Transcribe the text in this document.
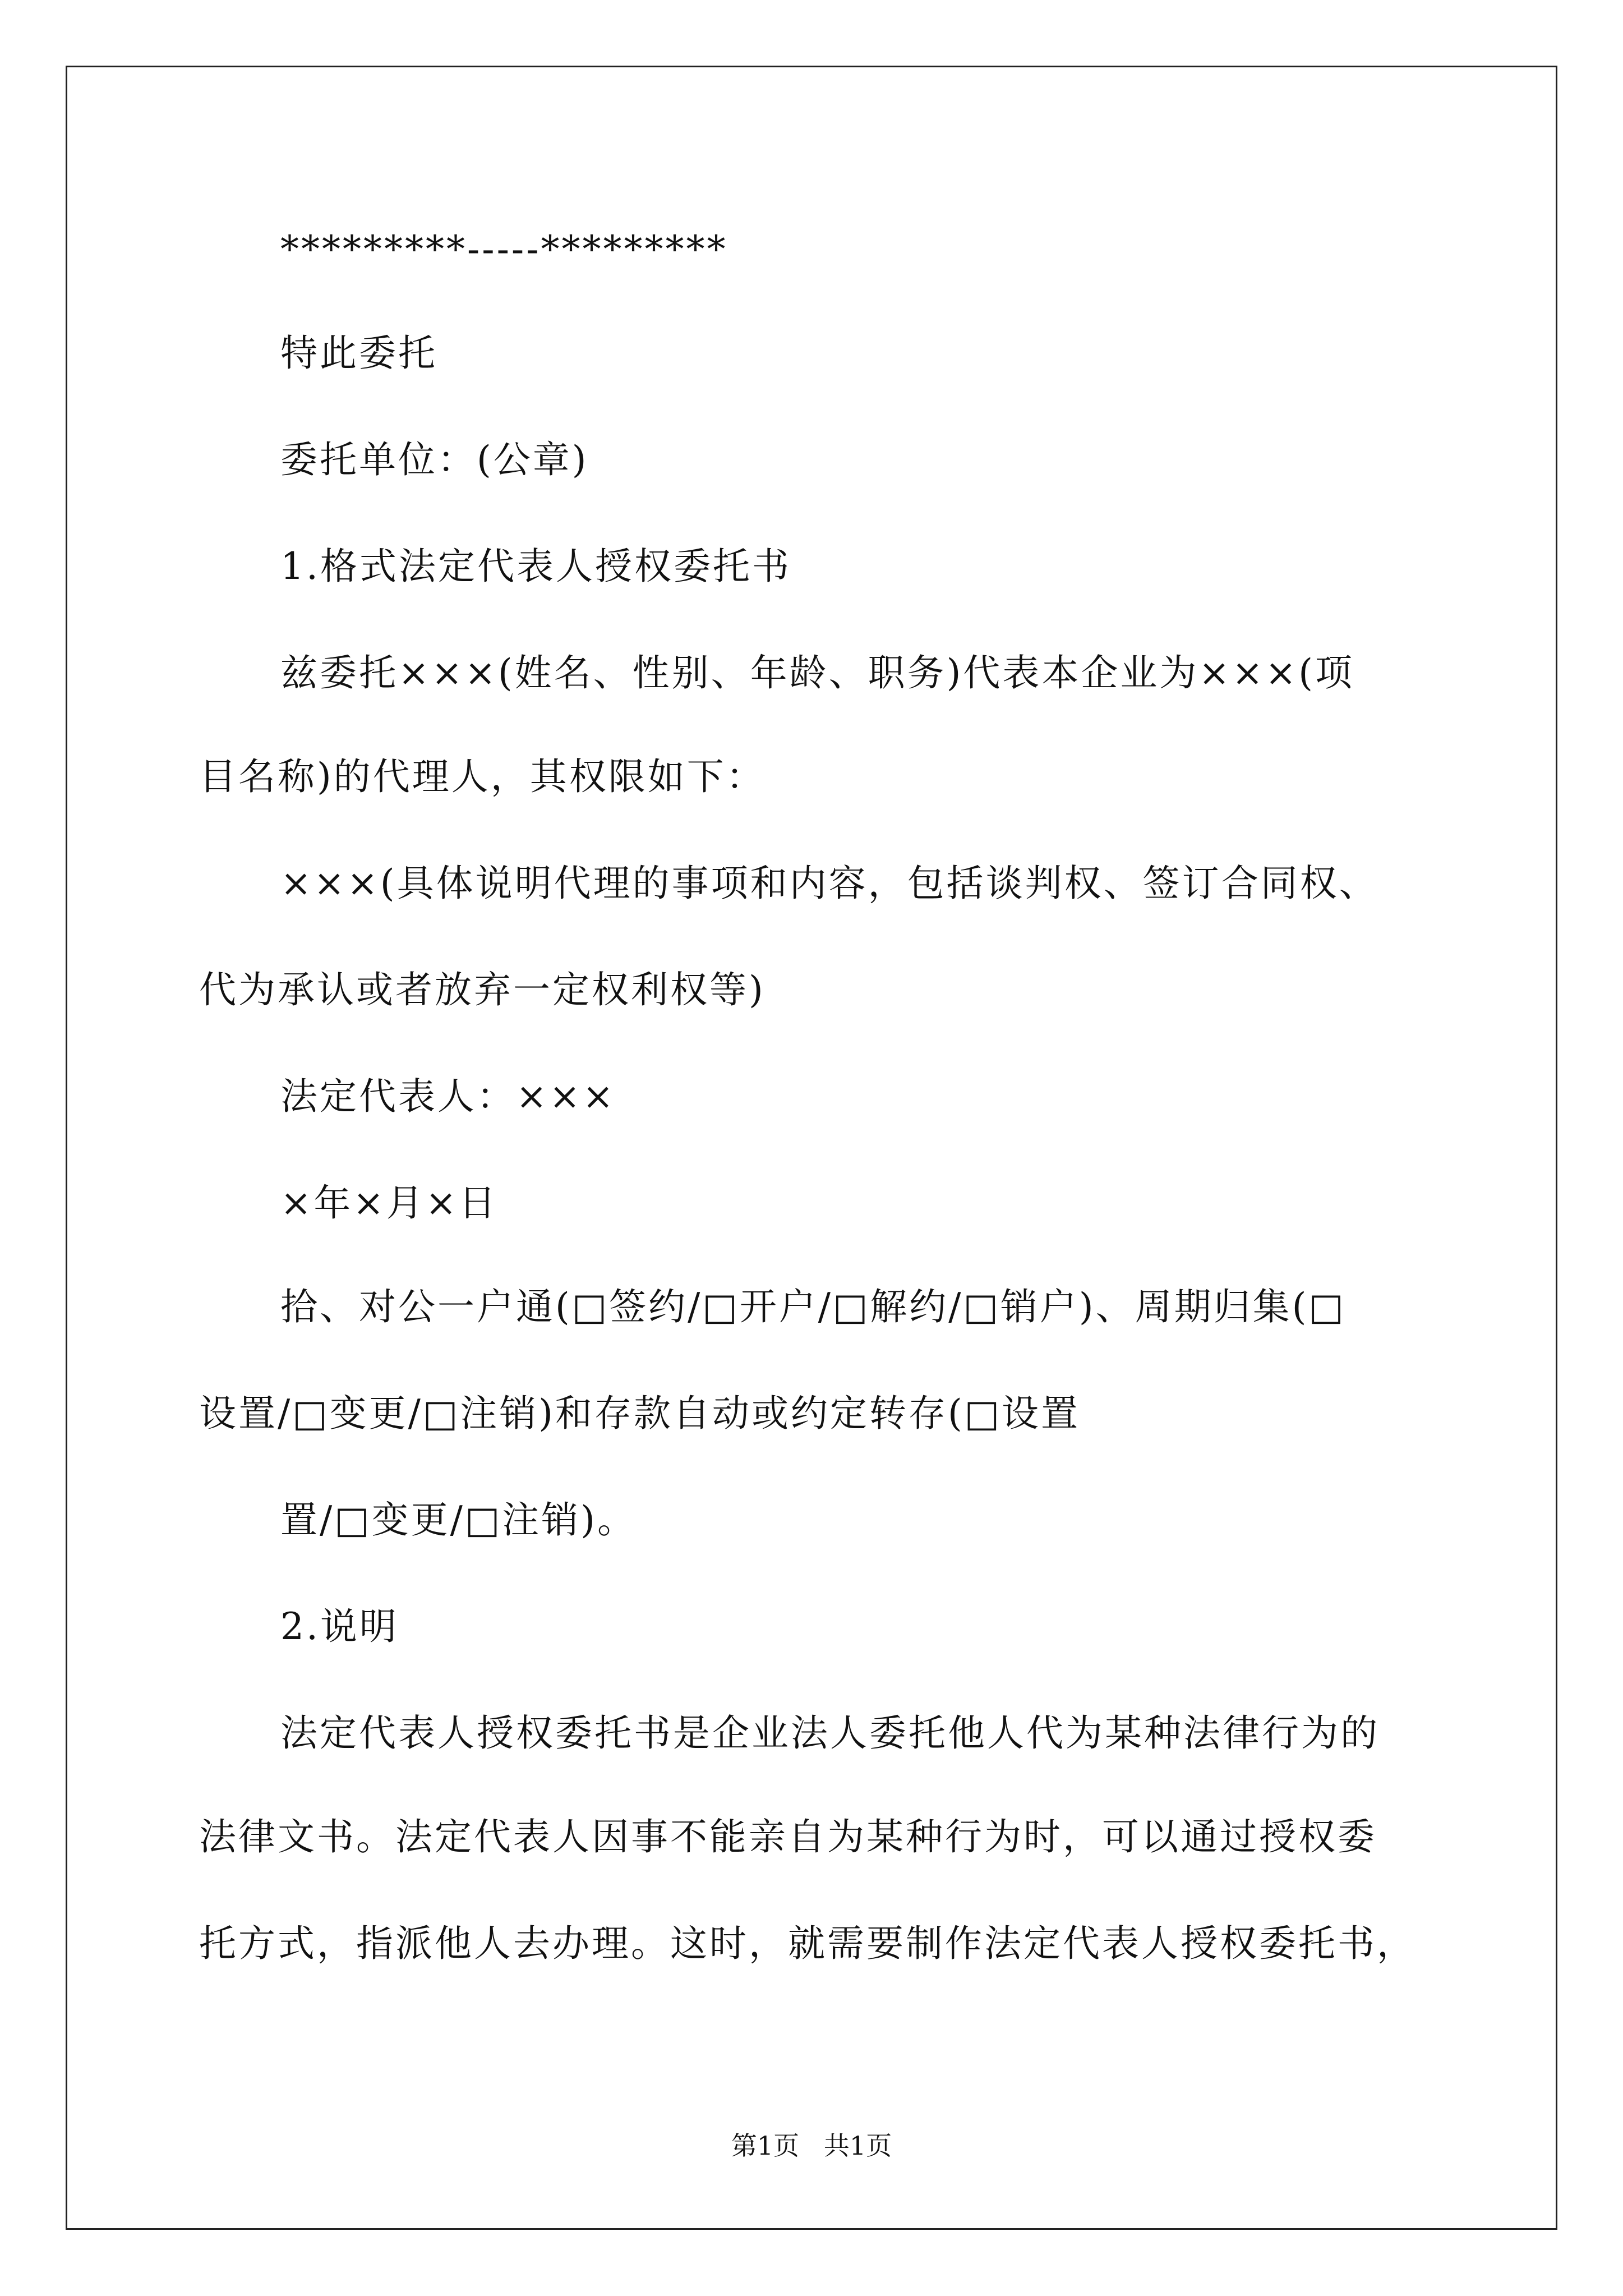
*********-----*********
特此委托
委托单位：(公章)
1.格式法定代表人授权委托书
兹委托×××(姓名、性别、年龄、职务)代表本企业为×××(项
目名称)的代理人，其权限如下：
×××(具体说明代理的事项和内容，包括谈判权、签订合同权、
代为承认或者放弃一定权利权等)
法定代表人：×××
×年×月×日
拾、对公一户通(□签约/□开户/□解约/□销户)、周期归集(□
设置/□变更/□注销)和存款自动或约定转存(□设置
置/□变更/□注销)。
2.说明
法定代表人授权委托书是企业法人委托他人代为某种法律行为的
法律文书。法定代表人因事不能亲自为某种行为时，可以通过授权委
托方式，指派他人去办理。这时，就需要制作法定代表人授权委托书，
第1页   共1页
